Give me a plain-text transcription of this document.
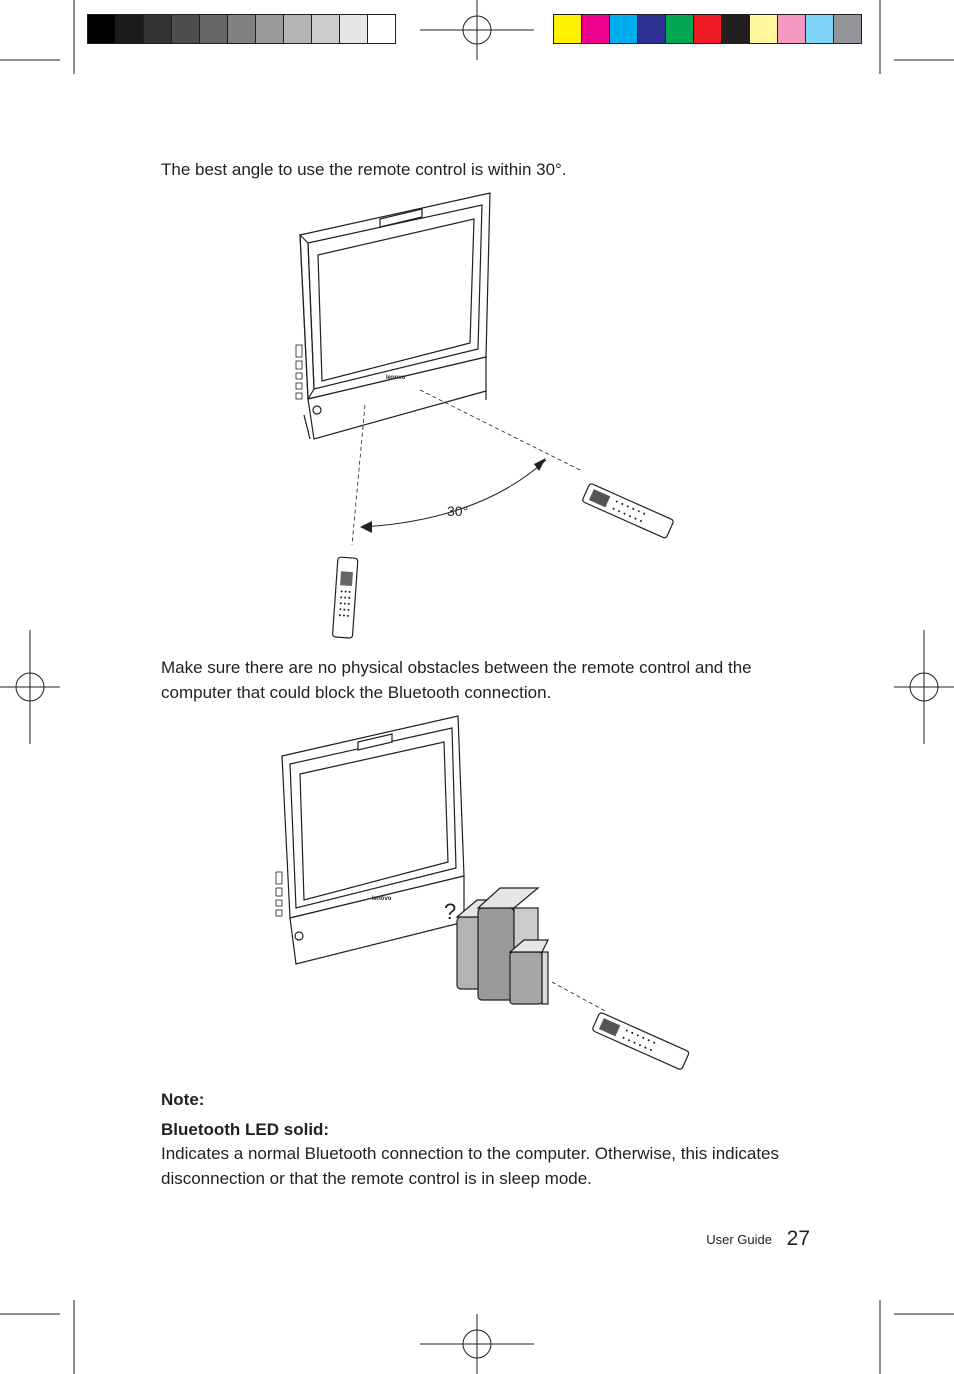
The best angle to use the remote control is within 30°.
lenovo
30°
Make sure there are no physical obstacles between the remote control and the computer that could block the Bluetooth connection.
lenovo ?
Note:
Bluetooth LED solid:
Indicates a normal Bluetooth connection to the computer. Otherwise, this indicates disconnection or that the remote control is in sleep mode.
User Guide 27
